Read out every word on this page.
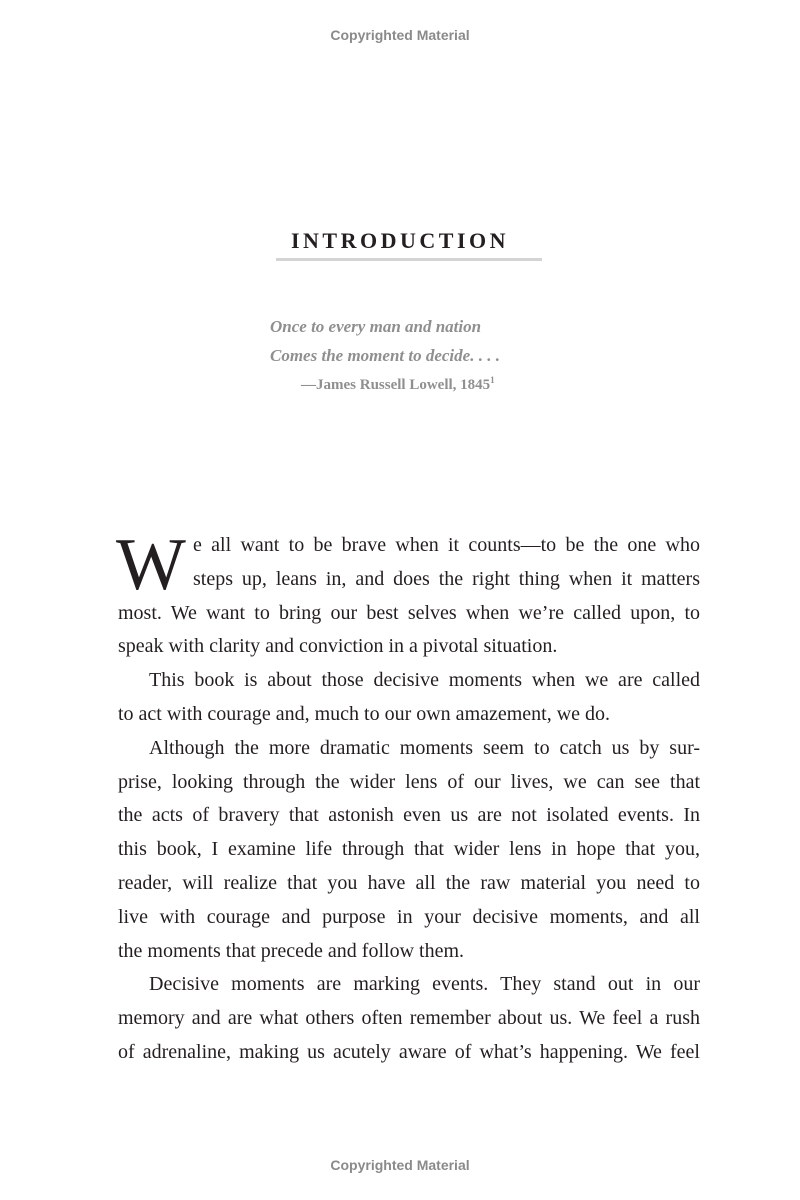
Copyrighted Material
INTRODUCTION
Once to every man and nation
Comes the moment to decide. . . .
—James Russell Lowell, 1845$^1$
W e all want to be brave when it counts—to be the one who
steps up, leans in, and does the right thing when it matters
most. We want to bring our best selves when we’re called upon, to
speak with clarity and conviction in a pivotal situation.
This book is about those decisive moments when we are called
to act with courage and, much to our own amazement, we do.
Although the more dramatic moments seem to catch us by sur-
prise, looking through the wider lens of our lives, we can see that
the acts of bravery that astonish even us are not isolated events. In
this book, I examine life through that wider lens in hope that you,
reader, will realize that you have all the raw material you need to
live with courage and purpose in your decisive moments, and all
the moments that precede and follow them.
Decisive moments are marking events. They stand out in our
memory and are what others often remember about us. We feel a rush
of adrenaline, making us acutely aware of what’s happening. We feel
Copyrighted Material
